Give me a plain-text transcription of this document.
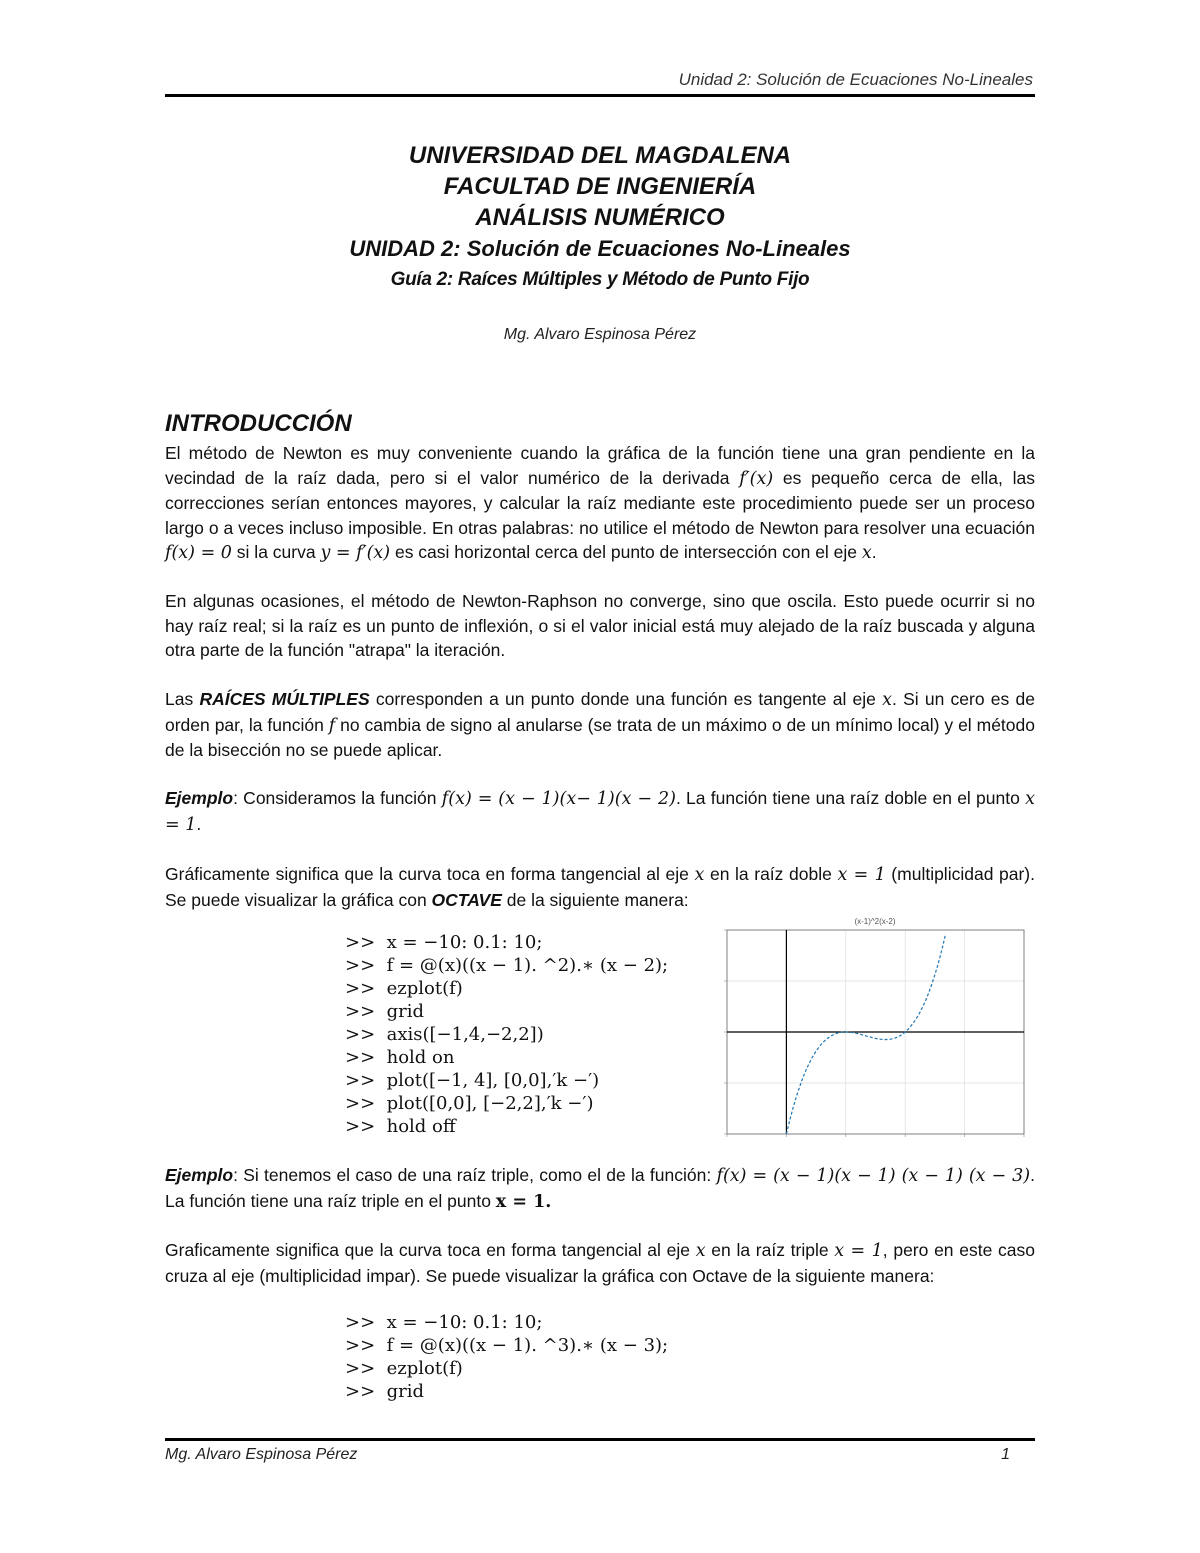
Unidad 2: Solución de Ecuaciones No-Lineales
UNIVERSIDAD DEL MAGDALENA
FACULTAD DE INGENIERÍA
ANÁLISIS NUMÉRICO
UNIDAD 2: Solución de Ecuaciones No-Lineales
Guía 2: Raíces Múltiples y Método de Punto Fijo
Mg. Alvaro Espinosa Pérez
INTRODUCCIÓN
El método de Newton es muy conveniente cuando la gráfica de la función tiene una gran pendiente en la vecindad de la raíz dada, pero si el valor numérico de la derivada f′(x) es pequeño cerca de ella, las correcciones serían entonces mayores, y calcular la raíz mediante este procedimiento puede ser un proceso largo o a veces incluso imposible. En otras palabras: no utilice el método de Newton para resolver una ecuación f(x) = 0 si la curva y = f′(x) es casi horizontal cerca del punto de intersección con el eje x.
En algunas ocasiones, el método de Newton-Raphson no converge, sino que oscila. Esto puede ocurrir si no hay raíz real; si la raíz es un punto de inflexión, o si el valor inicial está muy alejado de la raíz buscada y alguna otra parte de la función "atrapa" la iteración.
Las RAÍCES MÚLTIPLES corresponden a un punto donde una función es tangente al eje x. Si un cero es de orden par, la función f no cambia de signo al anularse (se trata de un máximo o de un mínimo local) y el método de la bisección no se puede aplicar.
Ejemplo: Consideramos la función f(x) = (x − 1)(x− 1)(x − 2). La función tiene una raíz doble en el punto x = 1.
Gráficamente significa que la curva toca en forma tangencial al eje x en la raíz doble x = 1 (multiplicidad par). Se puede visualizar la gráfica con OCTAVE de la siguiente manera:
>>  x = −10: 0.1: 10;
>>  f = @(x)((x − 1). ^2).∗ (x − 2);
>>  ezplot(f)
>>  grid
>>  axis([−1,4,−2,2])
>>  hold on
>>  plot([−1, 4], [0,0],′k −′)
>>  plot([0,0], [−2,2],′k −′)
>>  hold off
(x-1)^2(x-2)
Ejemplo: Si tenemos el caso de una raíz triple, como el de la función: f(x) = (x − 1)(x − 1) (x − 1) (x − 3). La función tiene una raíz triple en el punto x = 1.
Graficamente significa que la curva toca en forma tangencial al eje x en la raíz triple x = 1, pero en este caso cruza al eje (multiplicidad impar). Se puede visualizar la gráfica con Octave de la siguiente manera:
>>  x = −10: 0.1: 10;
>>  f = @(x)((x − 1). ^3).∗ (x − 3);
>>  ezplot(f)
>>  grid
Mg. Alvaro Espinosa Pérez	1
